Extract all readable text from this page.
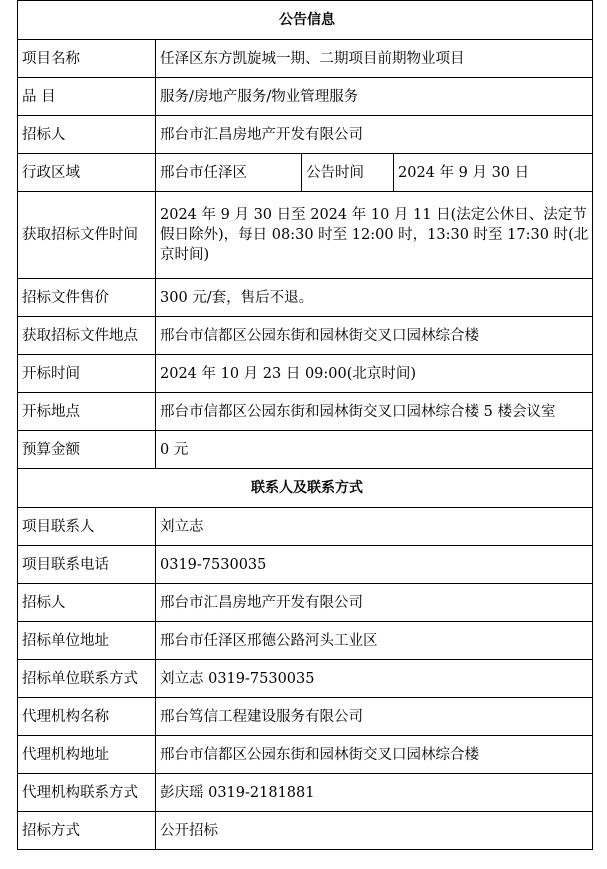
公告信息			
项目名称	任泽区东方凯旋城一期、二期项目前期物业项目		
品 目	服务/房地产服务/物业管理服务		
招标人	邢台市汇昌房地产开发有限公司		
行政区域	邢台市任泽区	公告时间	2024 年 9 月 30 日
获取招标文件时间	2024 年 9 月 30 日至 2024 年 10 月 11 日(法定公休日、法定节假日除外)，每日 08:30 时至 12:00 时，13:30 时至 17:30 时(北京时间)		
招标文件售价	300 元/套，售后不退。		
获取招标文件地点	邢台市信都区公园东街和园林街交叉口园林综合楼		
开标时间	2024 年 10 月 23 日 09:00(北京时间)		
开标地点	邢台市信都区公园东街和园林街交叉口园林综合楼 5 楼会议室		
预算金额	0 元		
联系人及联系方式			
项目联系人	刘立志		
项目联系电话	0319-7530035		
招标人	邢台市汇昌房地产开发有限公司		
招标单位地址	邢台市任泽区邢德公路河头工业区		
招标单位联系方式	刘立志 0319-7530035		
代理机构名称	邢台笃信工程建设服务有限公司		
代理机构地址	邢台市信都区公园东街和园林街交叉口园林综合楼		
代理机构联系方式	彭庆瑶 0319-2181881		
招标方式	公开招标		
